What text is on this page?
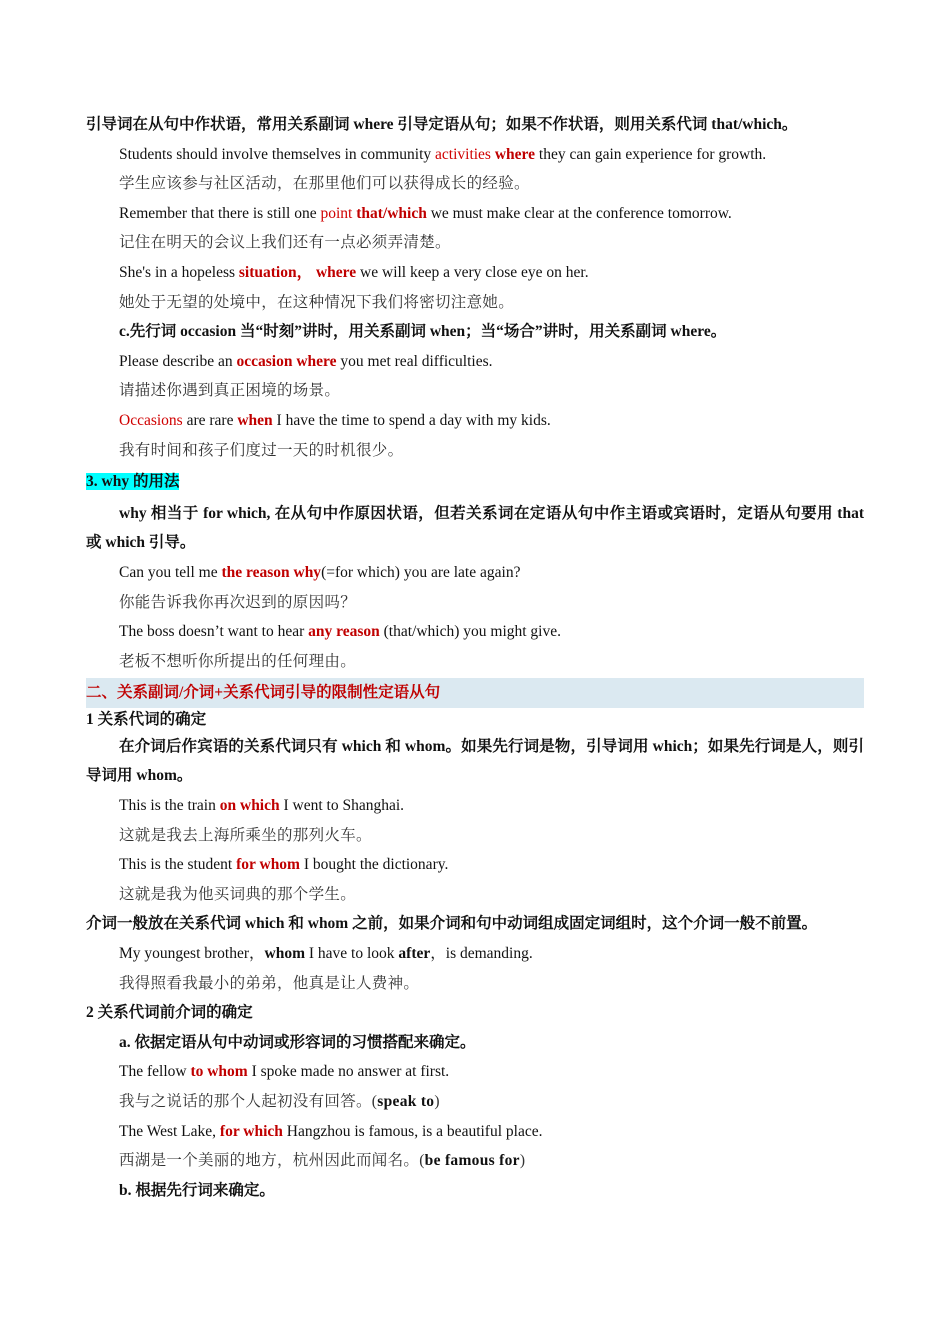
引导词在从句中作状语，常用关系副词 where 引导定语从句；如果不作状语，则用关系代词 that/which。
Students should involve themselves in community activities where they can gain experience for growth.
学生应该参与社区活动，在那里他们可以获得成长的经验。
Remember that there is still one point that/which we must make clear at the conference tomorrow.
记住在明天的会议上我们还有一点必须弄清楚。
She's in a hopeless situation， where we will keep a very close eye on her.
她处于无望的处境中，在这种情况下我们将密切注意她。
c.先行词 occasion 当“时刻”讲时，用关系副词 when；当“场合”讲时，用关系副词 where。
Please describe an occasion where you met real difficulties.
请描述你遇到真正困境的场景。
Occasions are rare when I have the time to spend a day with my kids.
我有时间和孩子们度过一天的时机很少。
3. why 的用法
why 相当于 for which, 在从句中作原因状语，但若关系词在定语从句中作主语或宾语时，定语从句要用 that 或 which 引导。
Can you tell me the reason why(=for which) you are late again?
你能告诉我你再次迟到的原因吗？
The boss doesn’t want to hear any reason (that/which) you might give.
老板不想听你所提出的任何理由。
二、关系副词/介词+关系代词引导的限制性定语从句
1 关系代词的确定
在介词后作宾语的关系代词只有 which 和 whom。如果先行词是物，引导词用 which；如果先行词是人，则引导词用 whom。
This is the train on which I went to Shanghai.
这就是我去上海所乘坐的那列火车。
This is the student for whom I bought the dictionary.
这就是我为他买词典的那个学生。
介词一般放在关系代词 which 和 whom 之前，如果介词和句中动词组成固定词组时，这个介词一般不前置。
My youngest brother，whom I have to look after，is demanding.
我得照看我最小的弟弟，他真是让人费神。
2 关系代词前介词的确定
a. 依据定语从句中动词或形容词的习惯搭配来确定。
The fellow to whom I spoke made no answer at first.
我与之说话的那个人起初没有回答。(speak to)
The West Lake, for which Hangzhou is famous, is a beautiful place.
西湖是一个美丽的地方，杭州因此而闻名。(be famous for)
b. 根据先行词来确定。
